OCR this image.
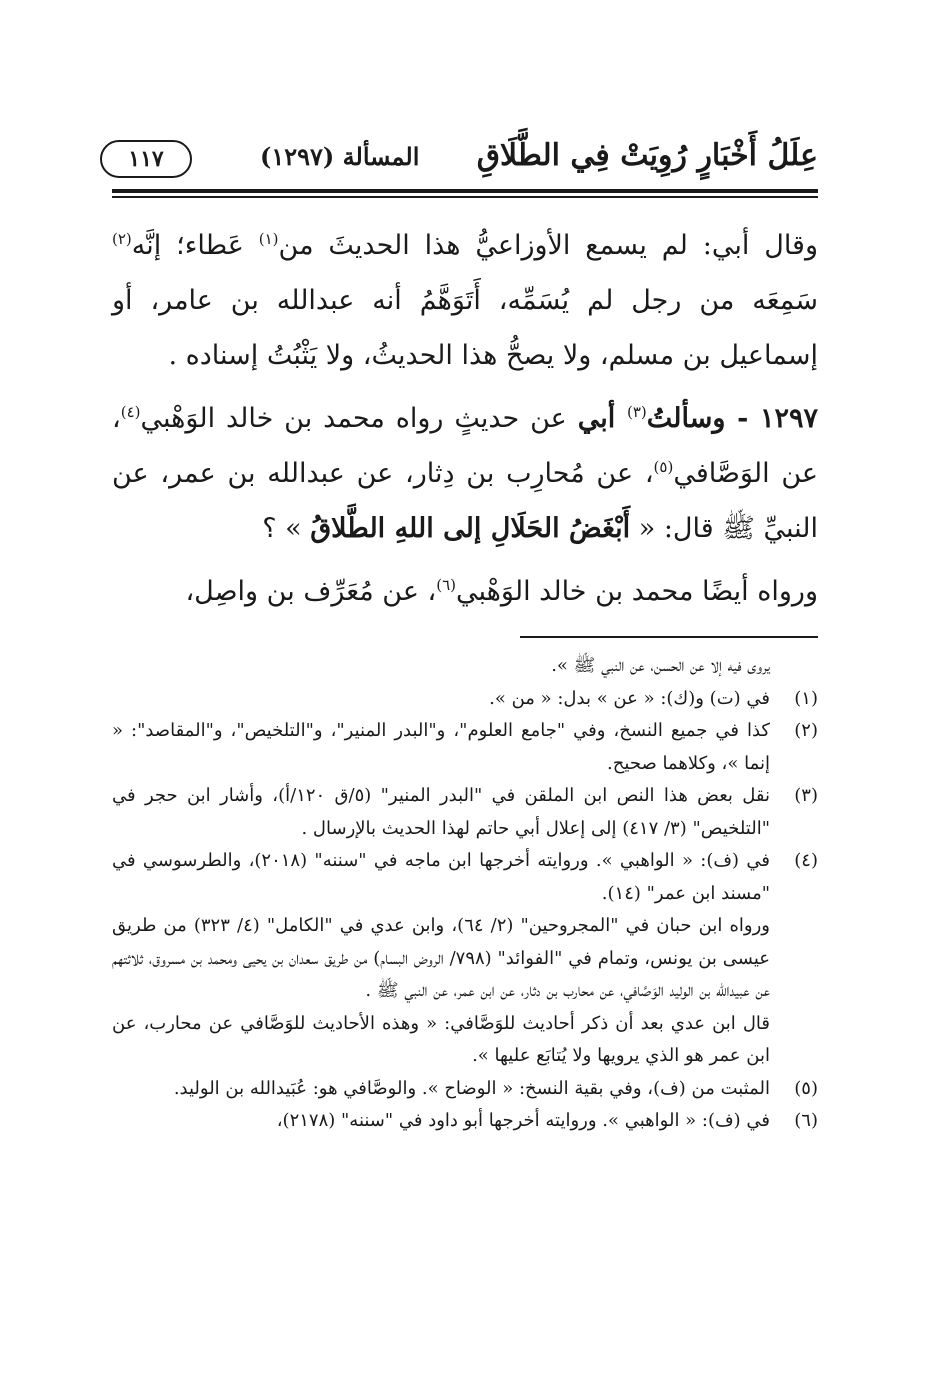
عِلَلُ أَخْبَارٍ رُوِيَتْ فِي الطَّلَاقِ
المسألة (١٢٩٧)
١١٧

وقال أبي: لم يسمع الأوزاعيُّ هذا الحديثَ من$^{(١)}$ عَطاء؛ إنَّه$^{(٢)}$ سَمِعَه من رجل لم يُسَمِّه، أَتَوَهَّمُ أنه عبدالله بن عامر، أو إسماعيل بن مسلم، ولا يصحُّ هذا الحديثُ، ولا يَثْبُتُ إسناده .

١٢٩٧ - وسألتُ$^{(٣)}$ أبي عن حديثٍ رواه محمد بن خالد الوَهْبي$^{(٤)}$، عن الوَصَّافي$^{(٥)}$، عن مُحارِب بن دِثار، عن عبدالله بن عمر، عن النبيِّ ﷺ قال: « أَبْغَضُ الحَلَالِ إلى اللهِ الطَّلاقُ » ؟

ورواه أيضًا محمد بن خالد الوَهْبي$^{(٦)}$، عن مُعَرِّف بن واصِل،

يروى فيه إلا عن الحسن، عن النبي ﷺ ».
(١)
في (ت) و(ك): « عن » بدل: « من ».
(٢)
كذا في جميع النسخ، وفي "جامع العلوم"، و"البدر المنير"، و"التلخيص"، و"المقاصد": « إنما »، وكلاهما صحيح.
(٣)
نقل بعض هذا النص ابن الملقن في "البدر المنير" (٥/ق ١٢٠/أ)، وأشار ابن حجر في "التلخيص" (٣/ ٤١٧) إلى إعلال أبي حاتم لهذا الحديث بالإرسال .
(٤)
في (ف): « الواهبي ». وروايته أخرجها ابن ماجه في "سننه" (٢٠١٨)، والطرسوسي في "مسند ابن عمر" (١٤).
ورواه ابن حبان في "المجروحين" (٢/ ٦٤)، وابن عدي في "الكامل" (٤/ ٣٢٣) من طريق عيسى بن يونس، وتمام في "الفوائد" (٧٩٨/ الروض البسام) من طريق سعدان بن يحيى ومحمد بن مسروق، ثلاثتهم عن عبيدالله بن الوليد الوَصَّافي، عن محارب بن دثار، عن ابن عمر، عن النبي ﷺ .
قال ابن عدي بعد أن ذكر أحاديث للوَصَّافي: « وهذه الأحاديث للوَصَّافي عن محارب، عن ابن عمر هو الذي يرويها ولا يُتابَع عليها ».
(٥)
المثبت من (ف)، وفي بقية النسخ: « الوضاح ». والوصَّافي هو: عُبَيدالله بن الوليد.
(٦)
في (ف): « الواهبي ». وروايته أخرجها أبو داود في "سننه" (٢١٧٨)،
